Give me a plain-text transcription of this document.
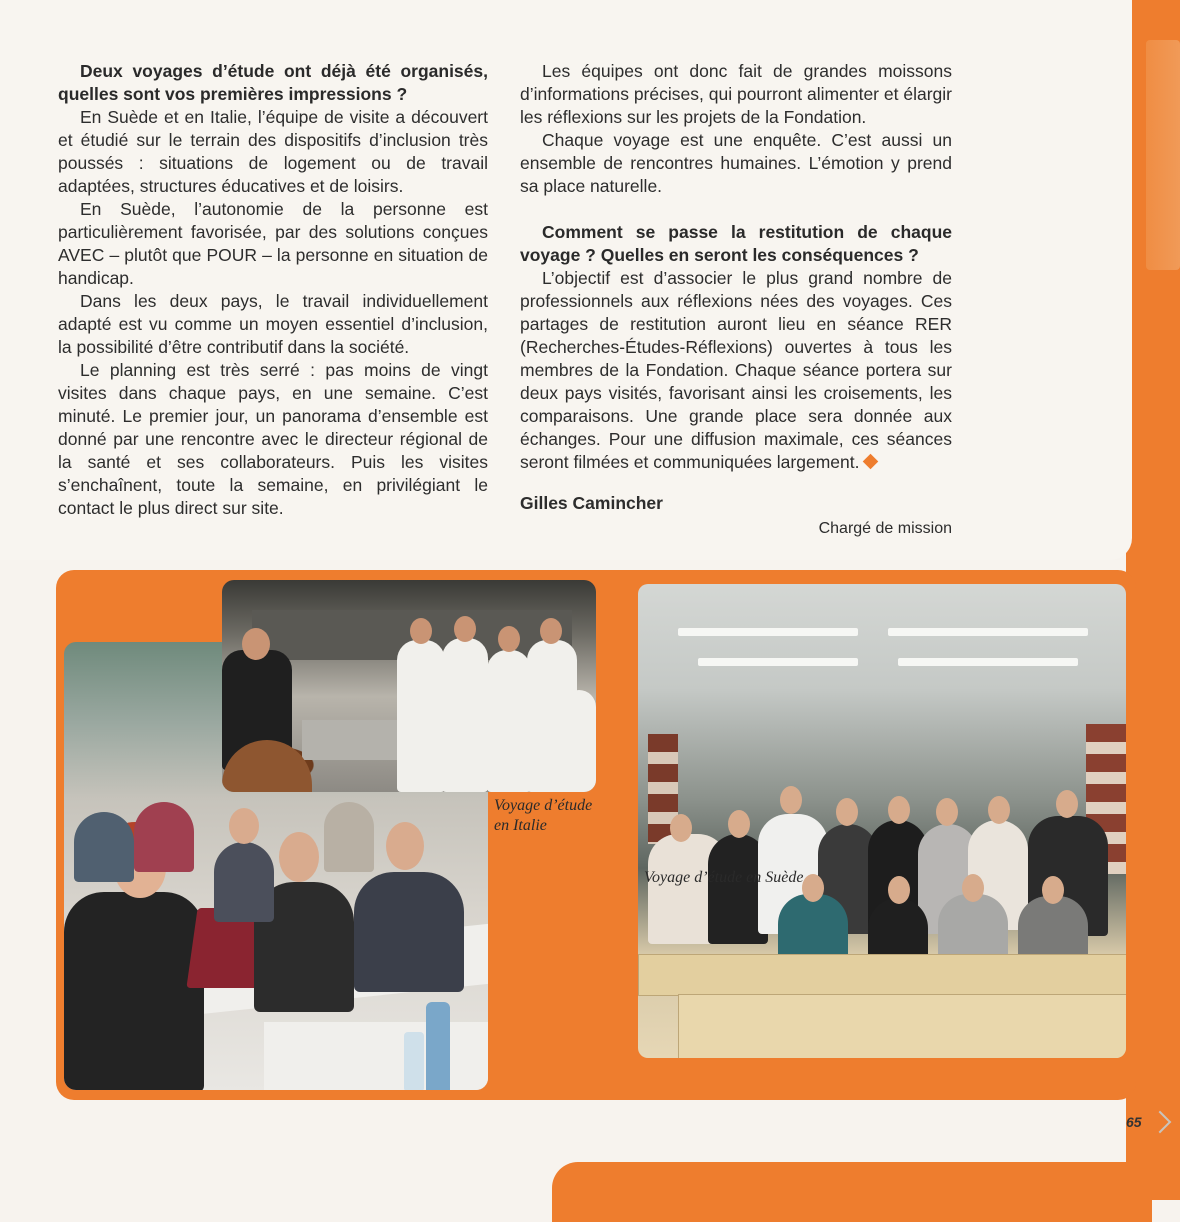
Deux voyages d’étude ont déjà été organisés, quelles sont vos premières impressions ?

En Suède et en Italie, l’équipe de visite a découvert et étudié sur le terrain des dispositifs d’inclusion très poussés : situations de logement ou de travail adaptées, structures éducatives et de loisirs.

En Suède, l’autonomie de la personne est particulièrement favorisée, par des solutions conçues AVEC – plutôt que POUR – la personne en situation de handicap.

Dans les deux pays, le travail individuellement adapté est vu comme un moyen essentiel d’inclusion, la possibilité d’être contributif dans la société.

Le planning est très serré : pas moins de vingt visites dans chaque pays, en une semaine. C’est minuté. Le premier jour, un panorama d’ensemble est donné par une rencontre avec le directeur régional de la santé et ses collaborateurs. Puis les visites s’enchaînent, toute la semaine, en privilégiant le contact le plus direct sur site.

Les équipes ont donc fait de grandes moissons d’informations précises, qui pourront alimenter et élargir les réflexions sur les projets de la Fondation.

Chaque voyage est une enquête. C’est aussi un ensemble de rencontres humaines. L’émotion y prend sa place naturelle.

Comment se passe la restitution de chaque voyage ? Quelles en seront les conséquences ?

L’objectif est d’associer le plus grand nombre de professionnels aux réflexions nées des voyages. Ces partages de restitution auront lieu en séance RER (Recherches-Études-Réflexions) ouvertes à tous les membres de la Fondation. Chaque séance portera sur deux pays visités, favorisant ainsi les croisements, les comparaisons. Une grande place sera donnée aux échanges. Pour une diffusion maximale, ces séances seront filmées et communiquées largement.

Gilles Camincher

Chargé de mission

Voyage d’étude
en Italie
Voyage d’étude en Suède
65
